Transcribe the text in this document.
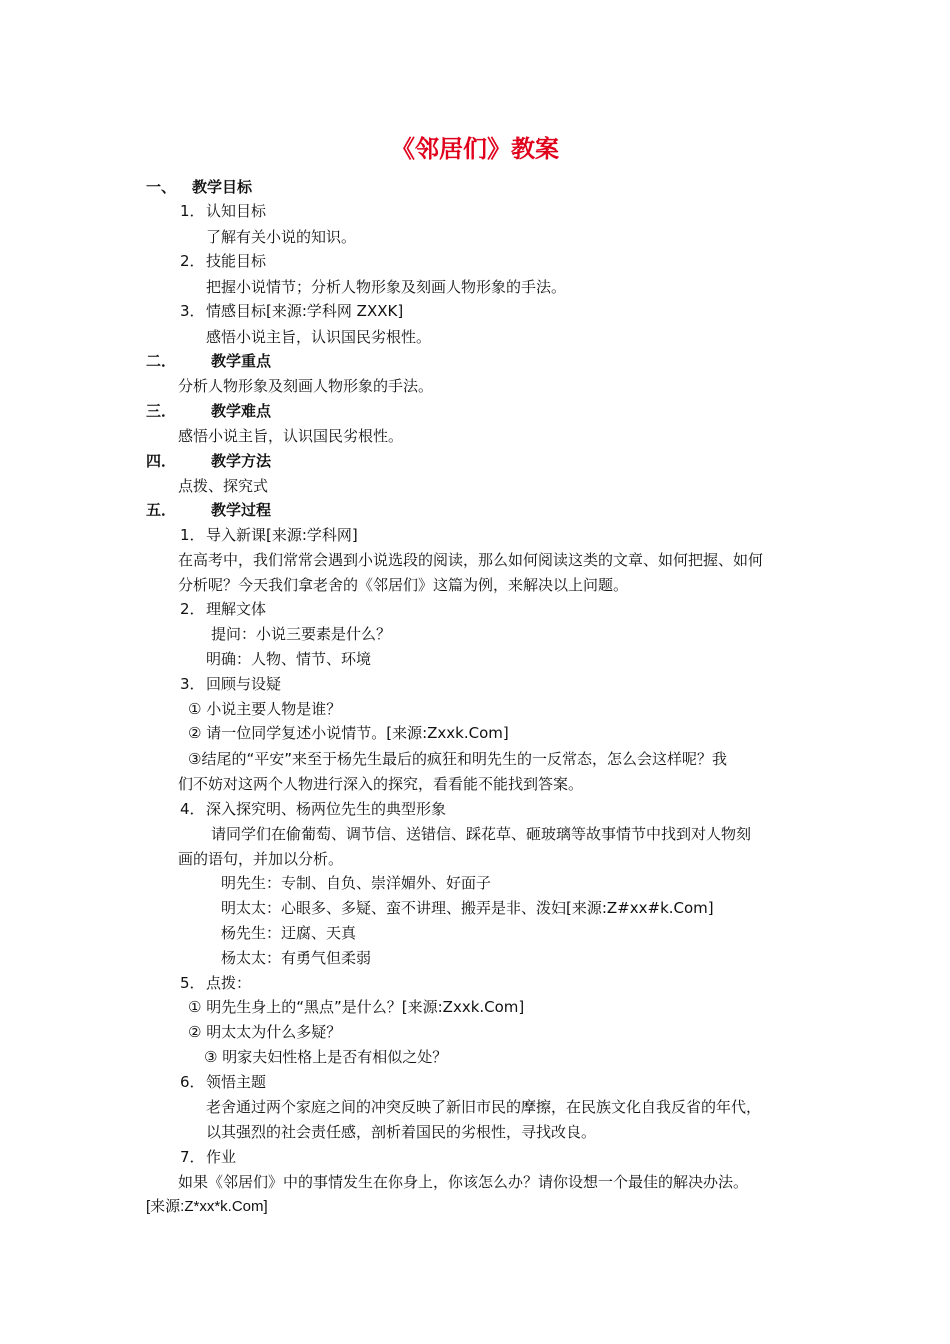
《邻居们》教案
一、 教学目标
1． 认知目标
了解有关小说的知识。
2． 技能目标
把握小说情节；分析人物形象及刻画人物形象的手法。
3． 情感目标[来源:学科网 ZXXK]
感悟小说主旨，认识国民劣根性。
二． 教学重点
分析人物形象及刻画人物形象的手法。
三． 教学难点
感悟小说主旨，认识国民劣根性。
四． 教学方法
点拨、探究式
五． 教学过程
1． 导入新课[来源:学科网]
在高考中，我们常常会遇到小说选段的阅读，那么如何阅读这类的文章、如何把握、如何
分析呢？今天我们拿老舍的《邻居们》这篇为例，来解决以上问题。
2． 理解文体
提问：小说三要素是什么？
明确：人物、情节、环境
3． 回顾与设疑
① 小说主要人物是谁？
② 请一位同学复述小说情节。[来源:Zxxk.Com]
③结尾的“平安”来至于杨先生最后的疯狂和明先生的一反常态，怎么会这样呢？我
们不妨对这两个人物进行深入的探究，看看能不能找到答案。
4． 深入探究明、杨两位先生的典型形象
请同学们在偷葡萄、调节信、送错信、踩花草、砸玻璃等故事情节中找到对人物刻
画的语句，并加以分析。
明先生：专制、自负、崇洋媚外、好面子
明太太：心眼多、多疑、蛮不讲理、搬弄是非、泼妇[来源:Z#xx#k.Com]
杨先生：迂腐、天真
杨太太：有勇气但柔弱
5． 点拨：
① 明先生身上的“黑点”是什么？[来源:Zxxk.Com]
② 明太太为什么多疑？
③ 明家夫妇性格上是否有相似之处？
6． 领悟主题
老舍通过两个家庭之间的冲突反映了新旧市民的摩擦，在民族文化自我反省的年代，
以其强烈的社会责任感，剖析着国民的劣根性，寻找改良。
7． 作业
如果《邻居们》中的事情发生在你身上，你该怎么办？请你设想一个最佳的解决办法。
[来源:Z*xx*k.Com]
